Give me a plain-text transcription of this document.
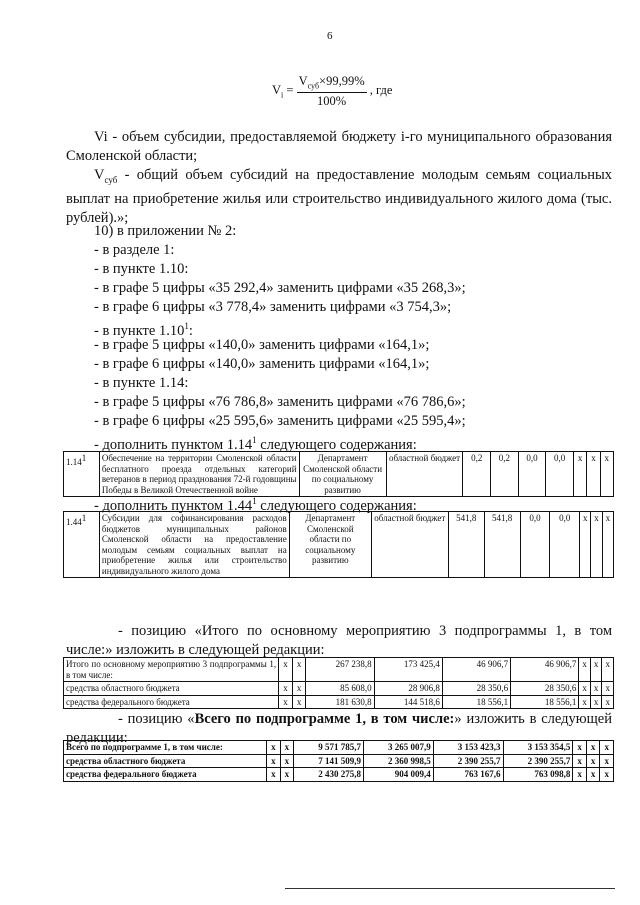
6
$V_i = \frac{V_{суб}\times 99,99\%}{100\%}$ , где
Vi - объем субсидии, предоставляемой бюджету i-го муниципального образования Смоленской области;
$V_{суб}$ - общий объем субсидий на предоставление молодым семьям социальных выплат на приобретение жилья или строительство индивидуального жилого дома (тыс. рублей).»;
10) в приложении № 2:
- в разделе 1:
- в пункте 1.10:
- в графе 5 цифры «35 292,4» заменить цифрами «35 268,3»;
- в графе 6 цифры «3 778,4» заменить цифрами «3 754,3»;
- в пункте 1.10$^1$:
- в графе 5 цифры «140,0» заменить цифрами «164,1»;
- в графе 6 цифры «140,0» заменить цифрами «164,1»;
- в пункте 1.14:
- в графе 5 цифры «76 786,8» заменить цифрами «76 786,6»;
- в графе 6 цифры «25 595,6» заменить цифрами «25 595,4»;
- дополнить пунктом 1.14$^1$ следующего содержания:
1.14$^1$	Обеспечение на территории Смоленской области бесплатного проезда отдельных категорий ветеранов в период празднования 72-й годовщины Победы в Великой Отечественной войне	Департамент Смоленской области по социальному развитию	областной бюджет	0,2	0,2	0,0	0,0	х	х	х
- дополнить пунктом 1.44$^1$ следующего содержания:
1.44$^1$	Субсидии для софинансирования расходов бюджетов муниципальных районов Смоленской области на предоставление молодым семьям социальных выплат на приобретение жилья или строительство индивидуального жилого дома	Департамент Смоленской области по социальному развитию	областной бюджет	541,8	541,8	0,0	0,0	х	х	х
- позицию «Итого по основному мероприятию 3 подпрограммы 1, в том числе:» изложить в следующей редакции:
Итого по основному мероприятию 3 подпрограммы 1, в том числе:	х	х	267 238,8	173 425,4	46 906,7	46 906,7	х	х	х
средства областного бюджета	х	х	85 608,0	28 906,8	28 350,6	28 350,6	х	х	х
средства федерального бюджета	х	х	181 630,8	144 518,6	18 556,1	18 556,1	х	х	х
- позицию «Всего по подпрограмме 1, в том числе:» изложить в следующей редакции:
Всего по подпрограмме 1, в том числе:	х	х	9 571 785,7	3 265 007,9	3 153 423,3	3 153 354,5	х	х	х
средства областного бюджета	х	х	7 141 509,9	2 360 998,5	2 390 255,7	2 390 255,7	х	х	х
средства федерального бюджета	х	х	2 430 275,8	904 009,4	763 167,6	763 098,8	х	х	х
